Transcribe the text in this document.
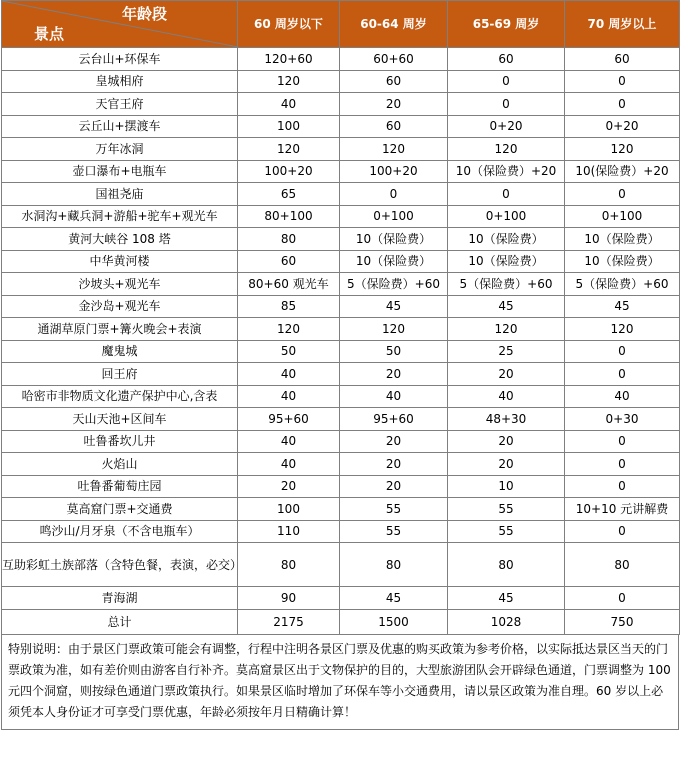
年龄段
景点	60 周岁以下	60-64 周岁	65-69 周岁	70 周岁以上
云台山+环保车	120+60	60+60	60	60
皇城相府	120	60	0	0
天官王府	40	20	0	0
云丘山+摆渡车	100	60	0+20	0+20
万年冰洞	120	120	120	120
壶口瀑布+电瓶车	100+20	100+20	10（保险费）+20	10(保险费）+20
国祖尧庙	65	0	0	0
水洞沟+藏兵洞+游船+驼车+观光车	80+100	0+100	0+100	0+100
黄河大峡谷 108 塔	80	10（保险费）	10（保险费）	10（保险费）
中华黄河楼	60	10（保险费）	10（保险费）	10（保险费）
沙坡头+观光车	80+60 观光车	5（保险费）+60	5（保险费）+60	5（保险费）+60
金沙岛+观光车	85	45	45	45
通湖草原门票+篝火晚会+表演	120	120	120	120
魔鬼城	50	50	25	0
回王府	40	20	20	0
哈密市非物质文化遗产保护中心,含表	40	40	40	40
天山天池+区间车	95+60	95+60	48+30	0+30
吐鲁番坎儿井	40	20	20	0
火焰山	40	20	20	0
吐鲁番葡萄庄园	20	20	10	0
莫高窟门票+交通费	100	55	55	10+10 元讲解费
鸣沙山/月牙泉（不含电瓶车）	110	55	55	0
互助彩虹土族部落（含特色餐，表演，必交）	80	80	80	80
青海湖	90	45	45	0
总计	2175	1500	1028	750
特别说明：由于景区门票政策可能会有调整，行程中注明各景区门票及优惠的购买政策为参考价格，以实际抵达景区当天的门票政策为准，如有差价则由游客自行补齐。莫高窟景区出于文物保护的目的，大型旅游团队会开辟绿色通道，门票调整为 100 元四个洞窟，则按绿色通道门票政策执行。如果景区临时增加了环保车等小交通费用，请以景区政策为准自理。60 岁以上必须凭本人身份证才可享受门票优惠，年龄必须按年月日精确计算！
